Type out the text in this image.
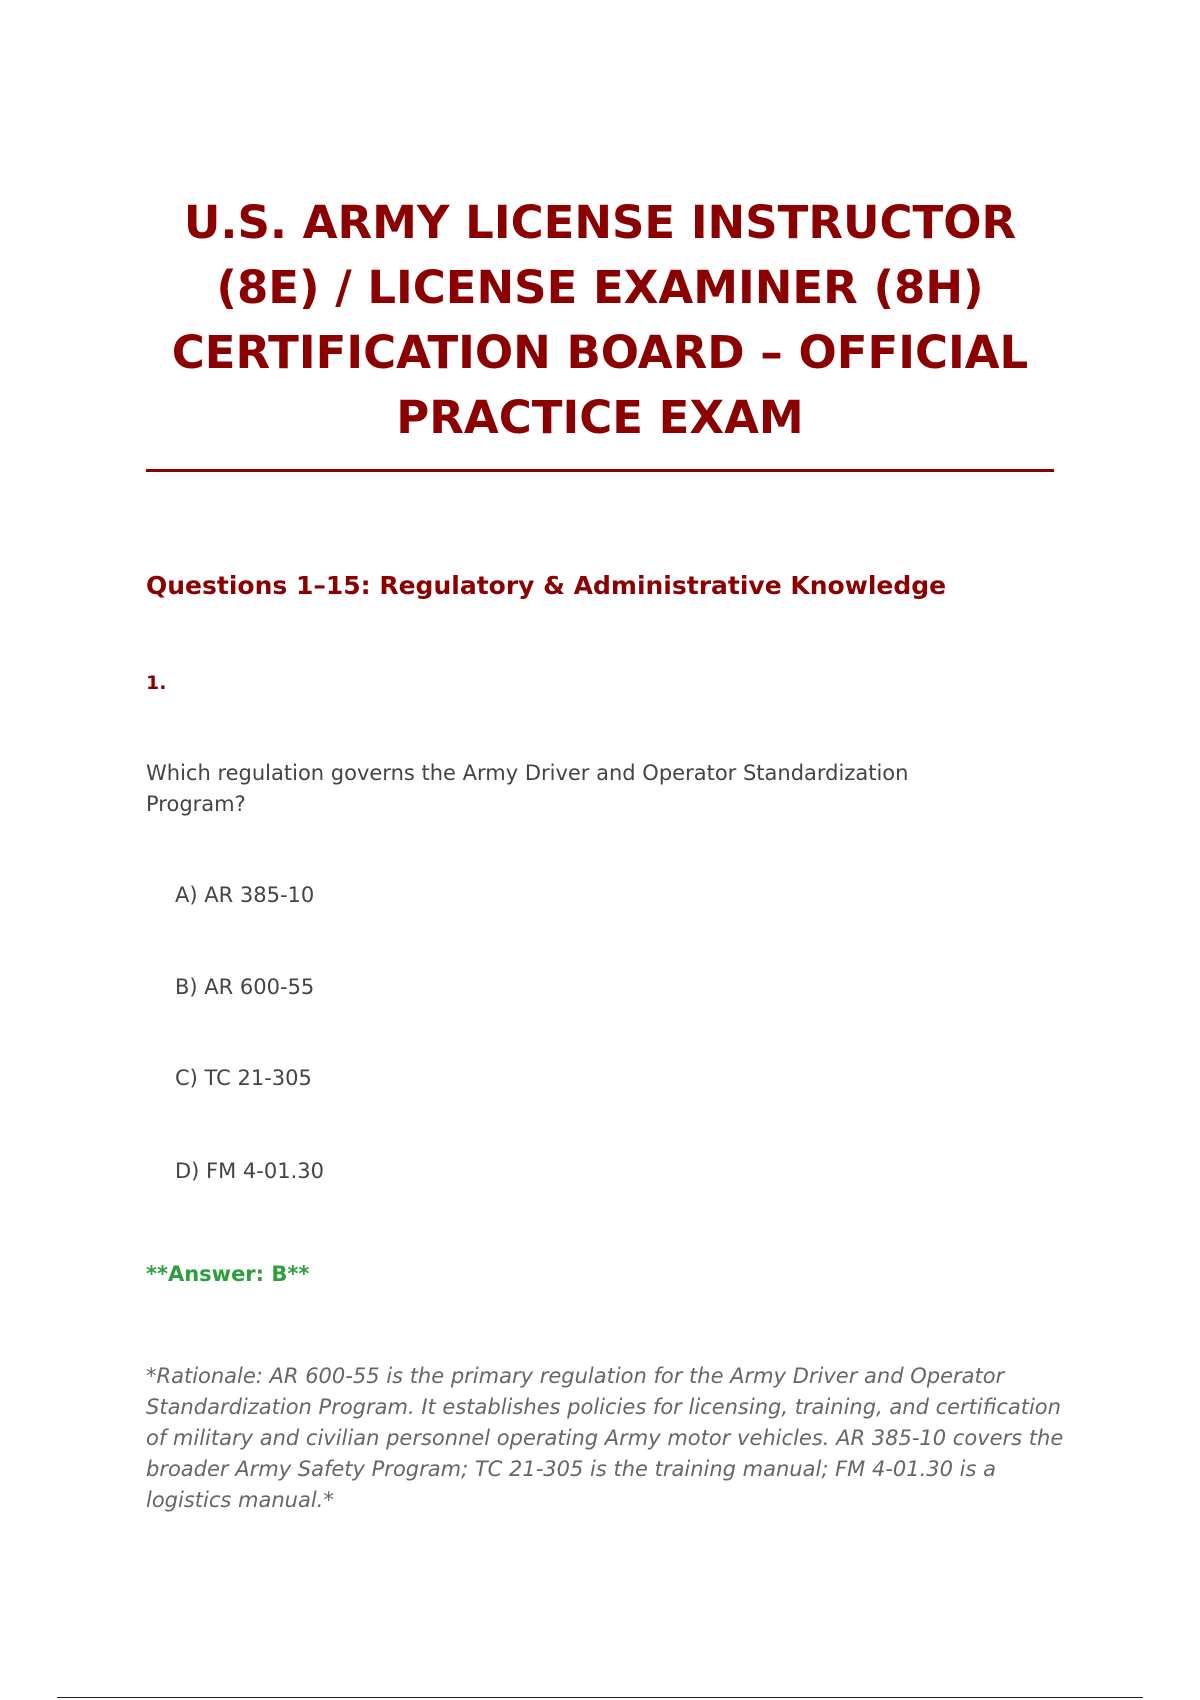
U.S. ARMY LICENSE INSTRUCTOR (8E) / LICENSE EXAMINER (8H) CERTIFICATION BOARD – OFFICIAL PRACTICE EXAM
Questions 1–15: Regulatory & Administrative Knowledge

1.

Which regulation governs the Army Driver and Operator Standardization Program?

A) AR 385-10

B) AR 600-55

C) TC 21-305

D) FM 4-01.30

**Answer: B**

*Rationale: AR 600-55 is the primary regulation for the Army Driver and Operator Standardization Program. It establishes policies for licensing, training, and certification of military and civilian personnel operating Army motor vehicles. AR 385-10 covers the broader Army Safety Program; TC 21-305 is the training manual; FM 4-01.30 is a logistics manual.*
